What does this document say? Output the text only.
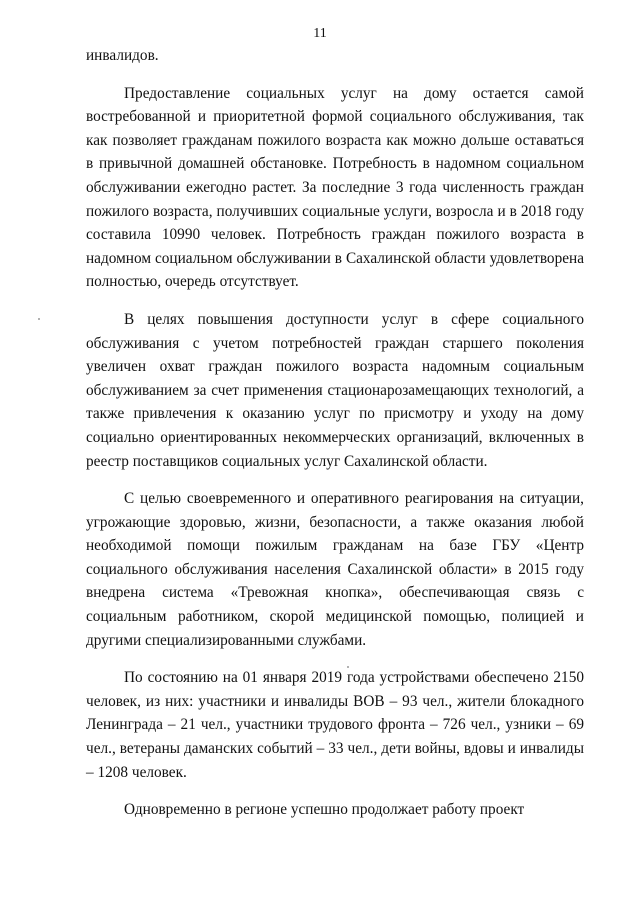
11

инвалидов.

Предоставление социальных услуг на дому остается самой востребованной и приоритетной формой социального обслуживания, так как позволяет гражданам пожилого возраста как можно дольше оставаться в привычной домашней обстановке. Потребность в надомном социальном обслуживании ежегодно растет. За последние 3 года численность граждан пожилого возраста, получивших социальные услуги, возросла и в 2018 году составила 10990 человек. Потребность граждан пожилого возраста в надомном социальном обслуживании в Сахалинской области удовлетворена полностью, очередь отсутствует.

В целях повышения доступности услуг в сфере социального обслуживания с учетом потребностей граждан старшего поколения увеличен охват граждан пожилого возраста надомным социальным обслуживанием за счет применения стационарозамещающих технологий, а также привлечения к оказанию услуг по присмотру и уходу на дому социально ориентированных некоммерческих организаций, включенных в реестр поставщиков социальных услуг Сахалинской области.

С целью своевременного и оперативного реагирования на ситуации, угрожающие здоровью, жизни, безопасности, а также оказания любой необходимой помощи пожилым гражданам на базе ГБУ «Центр социального обслуживания населения Сахалинской области» в 2015 году внедрена система «Тревожная кнопка», обеспечивающая связь с социальным работником, скорой медицинской помощью, полицией и другими специализированными службами.

По состоянию на 01 января 2019 года устройствами обеспечено 2150 человек, из них: участники и инвалиды ВОВ – 93 чел., жители блокадного Ленинграда – 21 чел., участники трудового фронта – 726 чел., узники – 69 чел., ветераны даманских событий – 33 чел., дети войны, вдовы и инвалиды – 1208 человек.

Одновременно в регионе успешно продолжает работу проект
